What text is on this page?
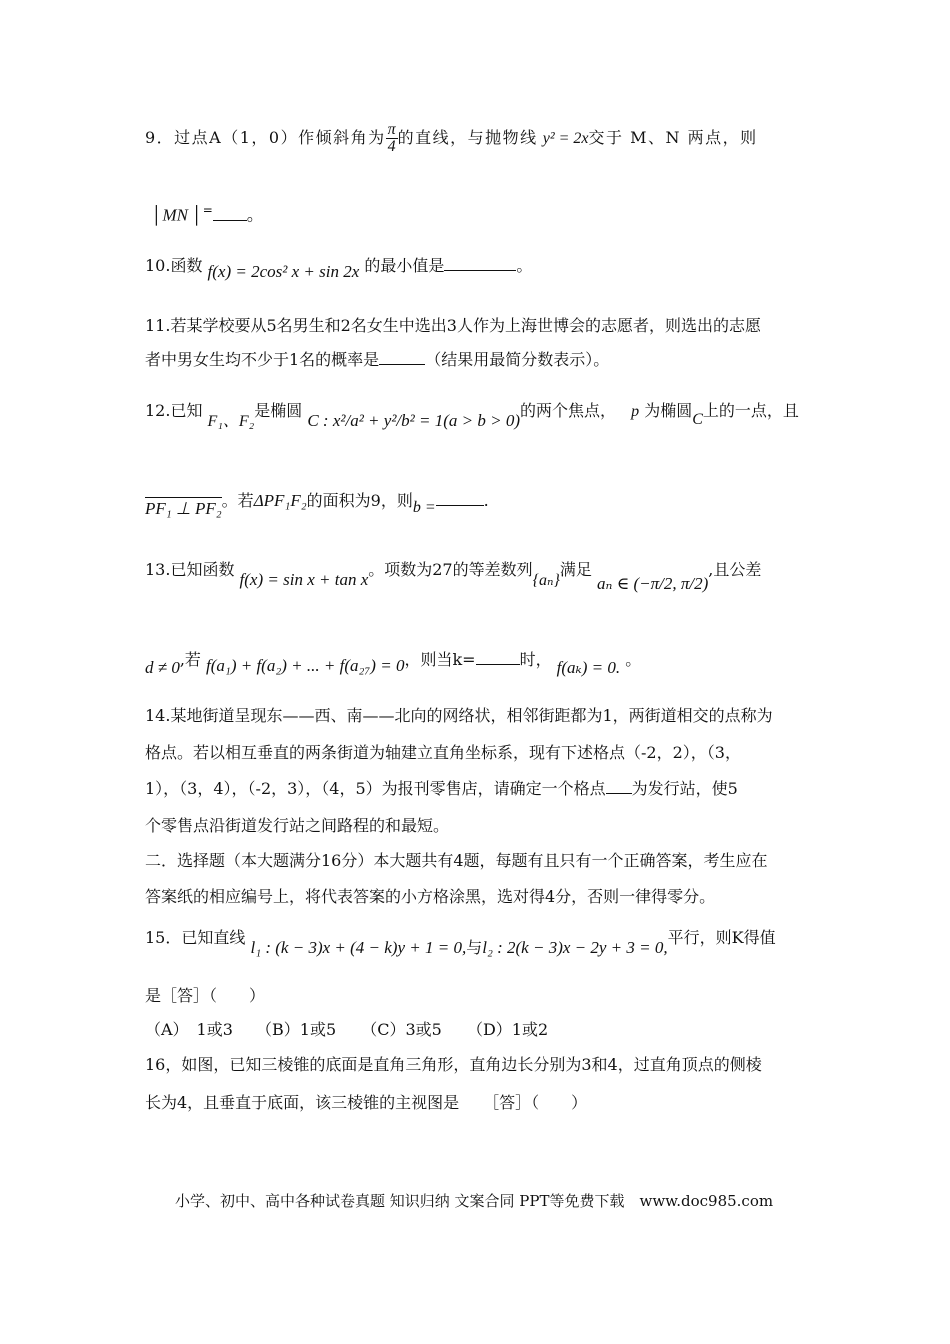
9．过点A（1，0）作倾斜角为 $\frac{\pi}{4}$ 的直线，与抛物线 y² = 2x交于 M、N 两点，则
│MN │= 。
10.函数 f(x) = 2cos² x + sin 2x 的最小值是	。
11.若某学校要从5名男生和2名女生中选出3人作为上海世博会的志愿者，则选出的志愿
者中男女生均不少于1名的概率是	（结果用最简分数表示）。
12.已知 F₁、F₂是椭圆 C : x²/a² + y²/b² = 1(a > b > 0)的两个焦点， p 为椭圆C上的一点，且
PF₁ ⊥ PF₂。若ΔPF₁F₂的面积为9，则b =	.
13.已知函数 f(x) = sin x + tan x。项数为27的等差数列{aₙ}满足 aₙ ∈ (−π/2, π/2),且公差
d ≠ 0,若 f(a₁) + f(a₂) + ... + f(a₂₇) = 0，则当k=	时， f(aₖ) = 0. 。
14.某地街道呈现东——西、南——北向的网络状，相邻街距都为1，两街道相交的点称为
格点。若以相互垂直的两条街道为轴建立直角坐标系，现有下述格点（-2，2），（3，
1），（3，4），（-2，3），（4，5）为报刊零售店，请确定一个格点 为发行站，使5
个零售点沿街道发行站之间路程的和最短。
二．选择题（本大题满分16分）本大题共有4题，每题有且只有一个正确答案，考生应在
答案纸的相应编号上，将代表答案的小方格涂黑，选对得4分，否则一律得零分。
15．已知直线 l₁ : (k − 3)x + (4 − k)y + 1 = 0,与l₂ : 2(k − 3)x − 2y + 3 = 0,平行，则K得值
是［答］（　　）
（A）　1或3 （B）1或5 （C）3或5 （D）1或2
16，如图，已知三棱锥的底面是直角三角形，直角边长分别为3和4，过直角顶点的侧棱
长为4，且垂直于底面，该三棱锥的主视图是　　［答］（　　）
小学、初中、高中各种试卷真题 知识归纳 文案合同 PPT等免费下载　www.doc985.com
